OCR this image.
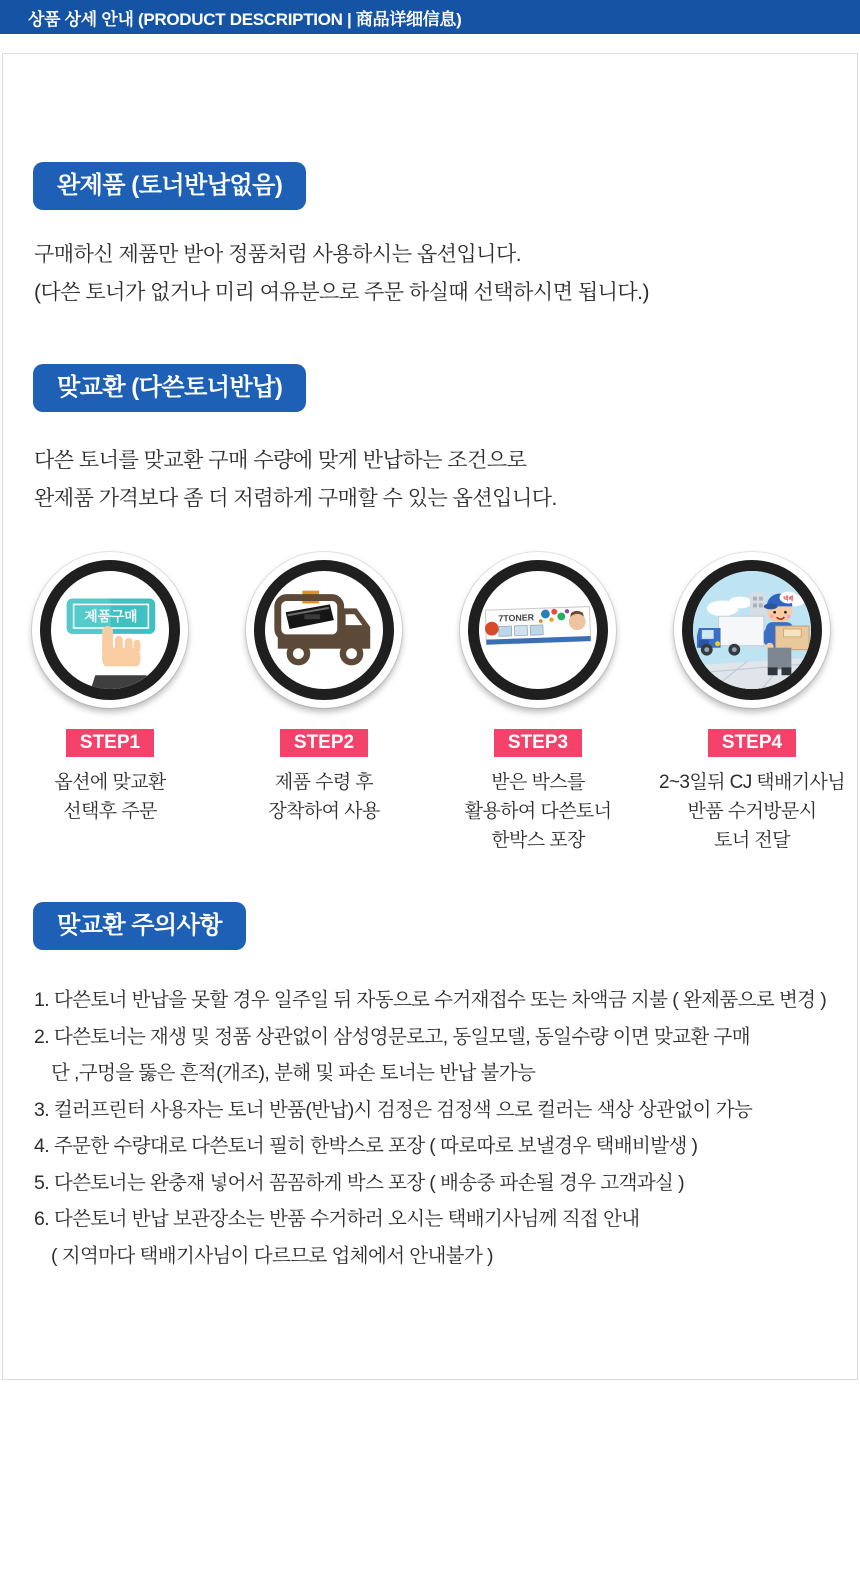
상품 상세 안내 (PRODUCT DESCRIPTION | 商品详细信息)
완제품 (토너반납없음)
구매하신 제품만 받아 정품처럼 사용하시는 옵션입니다.
(다쓴 토너가 없거나 미리 여유분으로 주문 하실때 선택하시면 됩니다.)
맞교환 (다쓴토너반납)
다쓴 토너를 맞교환 구매 수량에 맞게 반납하는 조건으로
완제품 가격보다 좀 더 저렴하게 구매할 수 있는 옵션입니다.
제품구매
STEP1
옵션에 맞교환
선택후 주문
STEP2
제품 수령 후
장착하여 사용
7TONER
STEP3
받은 박스를
활용하여 다쓴토너
한박스 포장
택배
STEP4
2~3일뒤 CJ 택배기사님
반품 수거방문시
토너 전달
맞교환 주의사항
1. 다쓴토너 반납을 못할 경우 일주일 뒤 자동으로 수거재접수 또는 차액금 지불 ( 완제품으로 변경 )
2. 다쓴토너는 재생 및 정품 상관없이 삼성영문로고, 동일모델, 동일수량 이면 맞교환 구매
단 ,구멍을 뚫은 흔적(개조), 분해 및 파손 토너는 반납 불가능
3. 컬러프린터 사용자는 토너 반품(반납)시 검정은 검정색 으로 컬러는 색상 상관없이 가능
4. 주문한 수량대로 다쓴토너 필히 한박스로 포장 ( 따로따로 보낼경우 택배비발생 )
5. 다쓴토너는 완충재 넣어서 꼼꼼하게 박스 포장 ( 배송중 파손될 경우 고객과실 )
6. 다쓴토너 반납 보관장소는 반품 수거하러 오시는 택배기사님께 직접 안내
( 지역마다 택배기사님이 다르므로 업체에서 안내불가 )
